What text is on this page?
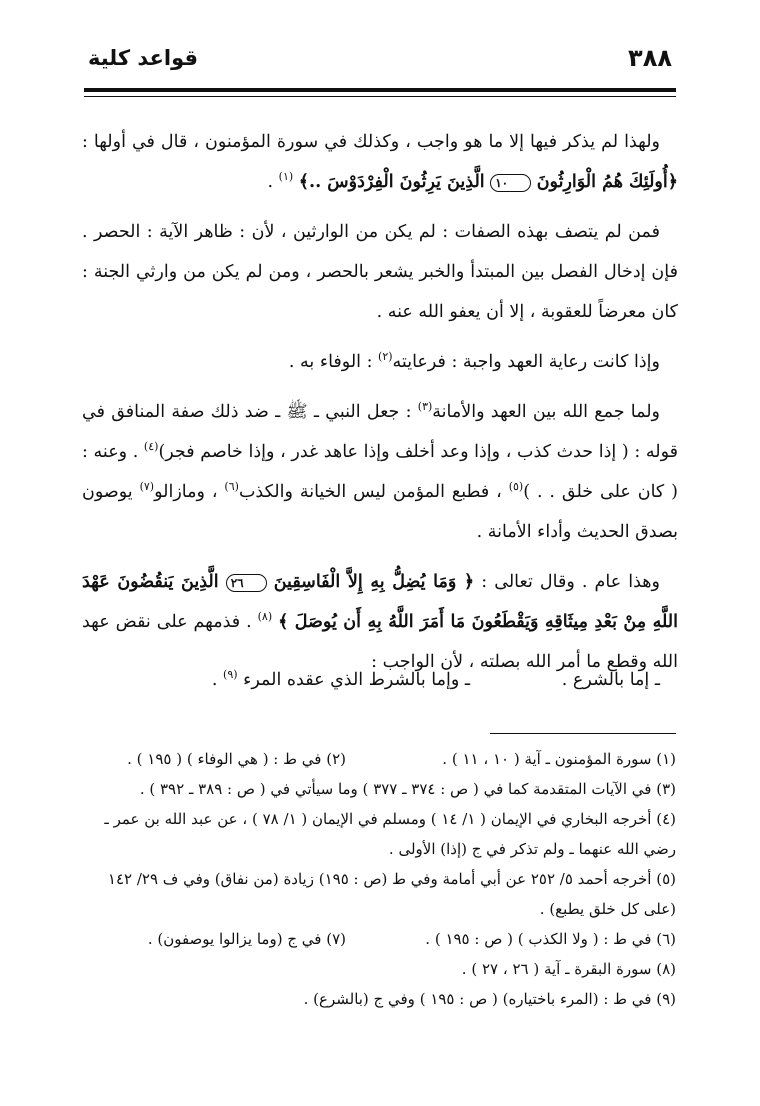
٣٨٨
قواعد كلية

ولهذا لم يذكر فيها إلا ما هو واجب ، وكذلك في سورة المؤمنون ، قال في أولها : ﴿أُولَئِكَ هُمُ الْوَارِثُونَ ١٠ الَّذِينَ يَرِثُونَ الْفِرْدَوْسَ ..﴾ $^{(١)}$ .

فمن لم يتصف بهذه الصفات : لم يكن من الوارثين ، لأن : ظاهر الآية : الحصر . فإن إدخال الفصل بين المبتدأ والخبر يشعر بالحصر ، ومن لم يكن من وارثي الجنة : كان معرضاً للعقوبة ، إلا أن يعفو الله عنه .

وإذا كانت رعاية العهد واجبة : فرعايته$^{(٢)}$ : الوفاء به .

ولما جمع الله بين العهد والأمانة$^{(٣)}$ : جعل النبي ـ ﷺ ـ ضد ذلك صفة المنافق في قوله : ( إذا حدث كذب ، وإذا وعد أخلف وإذا عاهد غدر ، وإذا خاصم فجر)$^{(٤)}$ . وعنه : ( كان على خلق . . )$^{(٥)}$ ، فطبع المؤمن ليس الخيانة والكذب$^{(٦)}$ ، ومازالو$^{(٧)}$ يوصون بصدق الحديث وأداء الأمانة .

وهذا عام . وقال تعالى : ﴿ وَمَا يُضِلُّ بِهِ إِلاَّ الْفَاسِقِينَ ٢٦ الَّذِينَ يَنقُضُونَ عَهْدَ اللَّهِ مِنْ بَعْدِ مِيثَاقِهِ وَيَقْطَعُونَ مَا أَمَرَ اللَّهُ بِهِ أَن يُوصَلَ ﴾ $^{(٨)}$ . فذمهم على نقض عهد الله وقطع ما أمر الله بصلته ، لأن الواجب :

ـ إما بالشرع .
ـ وإما بالشرط الذي عقده المرء $^{(٩)}$ .
(١) سورة المؤمنون ـ آية ( ١٠ ، ١١ ) .
(٢) في ط : ( هي الوفاء ) ( ١٩٥ ) .

(٣) في الآيات المتقدمة كما في ( ص : ٣٧٤ ـ ٣٧٧ ) وما سيأتي في ( ص : ٣٨٩ ـ ٣٩٢ ) .

(٤) أخرجه البخاري في الإيمان ( ١/ ١٤ ) ومسلم في الإيمان ( ١/ ٧٨ ) ، عن عبد الله بن عمر ـ رضي الله عنهما ـ ولم تذكر في ج (إذا) الأولى .

(٥) أخرجه أحمد ٥/ ٢٥٢ عن أبي أمامة وفي ط (ص : ١٩٥) زيادة (من نفاق) وفي ف ٢٩/ ١٤٢ (على كل خلق يطبع) .

(٦) في ط : ( ولا الكذب ) ( ص : ١٩٥ ) .
(٧) في ج (وما يزالوا يوصفون) .

(٨) سورة البقرة ـ آية ( ٢٦ ، ٢٧ ) .

(٩) في ط : (المرء باختياره) ( ص : ١٩٥ ) وفي ج (بالشرع) .
